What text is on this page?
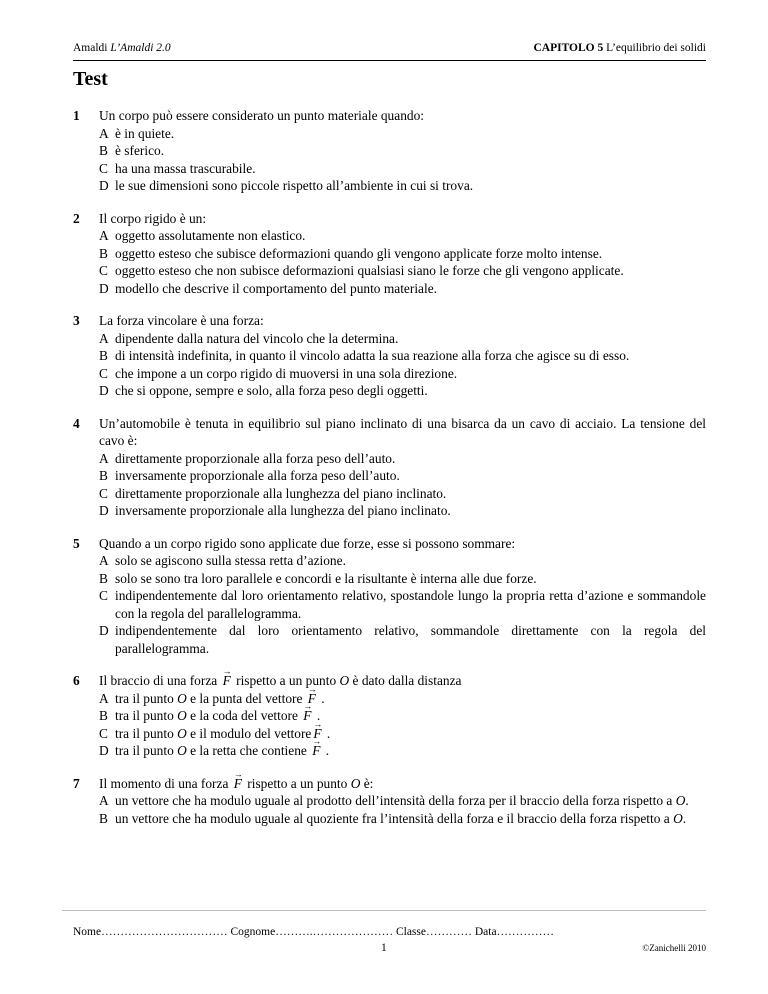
Amaldi L’Amaldi 2.0	CAPITOLO 5 L’equilibrio dei solidi
Test
1	Un corpo può essere considerato un punto materiale quando:
A è in quiete.
B è sferico.
C ha una massa trascurabile.
D le sue dimensioni sono piccole rispetto all’ambiente in cui si trova.
2	Il corpo rigido è un:
A oggetto assolutamente non elastico.
B oggetto esteso che subisce deformazioni quando gli vengono applicate forze molto intense.
C oggetto esteso che non subisce deformazioni qualsiasi siano le forze che gli vengono applicate.
D modello che descrive il comportamento del punto materiale.
3	La forza vincolare è una forza:
A dipendente dalla natura del vincolo che la determina.
B di intensità indefinita, in quanto il vincolo adatta la sua reazione alla forza che agisce su di esso.
C che impone a un corpo rigido di muoversi in una sola direzione.
D che si oppone, sempre e solo, alla forza peso degli oggetti.
4	Un’automobile è tenuta in equilibrio sul piano inclinato di una bisarca da un cavo di acciaio. La tensione del cavo è:
A direttamente proporzionale alla forza peso dell’auto.
B inversamente proporzionale alla forza peso dell’auto.
C direttamente proporzionale alla lunghezza del piano inclinato.
D inversamente proporzionale alla lunghezza del piano inclinato.
5	Quando a un corpo rigido sono applicate due forze, esse si possono sommare:
A solo se agiscono sulla stessa retta d’azione.
B solo se sono tra loro parallele e concordi e la risultante è interna alle due forze.
C indipendentemente dal loro orientamento relativo, spostandole lungo la propria retta d’azione e sommandole con la regola del parallelogramma.
D indipendentemente dal loro orientamento relativo, sommandole direttamente con la regola del parallelogramma.
6	Il braccio di una forza → F rispetto a un punto O è dato dalla distanza
A tra il punto O e la punta del vettore → F .
B tra il punto O e la coda del vettore → F .
C tra il punto O e il modulo del vettore→ F .
D tra il punto O e la retta che contiene → F .
7	Il momento di una forza → F rispetto a un punto O è:
A un vettore che ha modulo uguale al prodotto dell’intensità della forza per il braccio della forza rispetto a O.
B un vettore che ha modulo uguale al quoziente fra l’intensità della forza e il braccio della forza rispetto a O.
Nome…………………………… Cognome……….………………… Classe………… Data……………
1	©Zanichelli 2010
